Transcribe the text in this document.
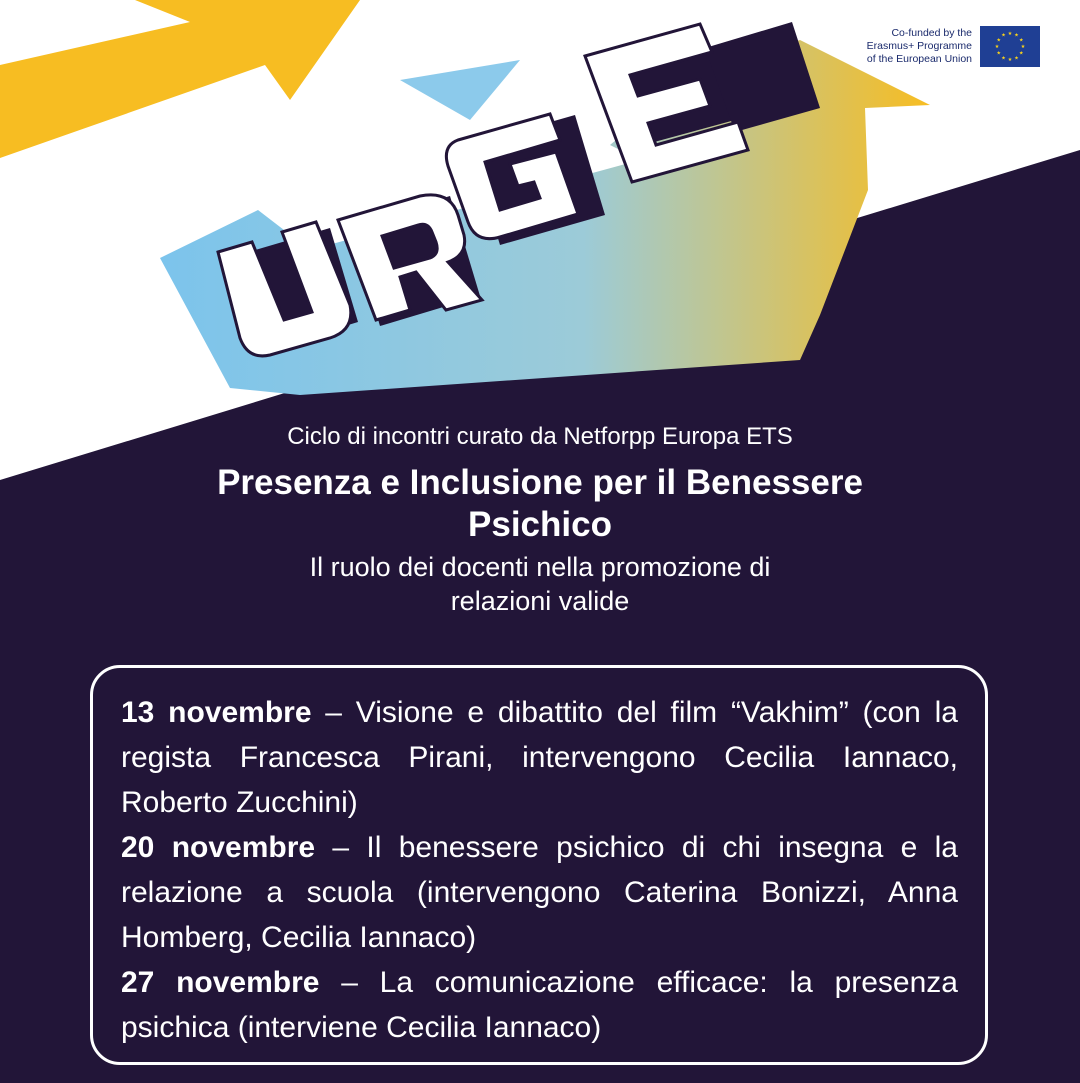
Co-funded by the
Erasmus+ Programme
of the European Union
★ ★
★
★
★
★
★
★
★
★
★
★

Ciclo di incontri curato da Netforpp Europa ETS

Presenza e Inclusione per il Benessere Psichico
Il ruolo dei docenti nella promozione di relazioni valide

13 novembre – Visione e dibattito del film “Vakhim” (con la regista Francesca Pirani, intervengono Cecilia Iannaco, Roberto Zucchini)

20 novembre – Il benessere psichico di chi insegna e la relazione a scuola (intervengono Caterina Bonizzi, Anna Homberg, Cecilia Iannaco)

27 novembre – La comunicazione efficace: la presenza psichica (interviene Cecilia Iannaco)
